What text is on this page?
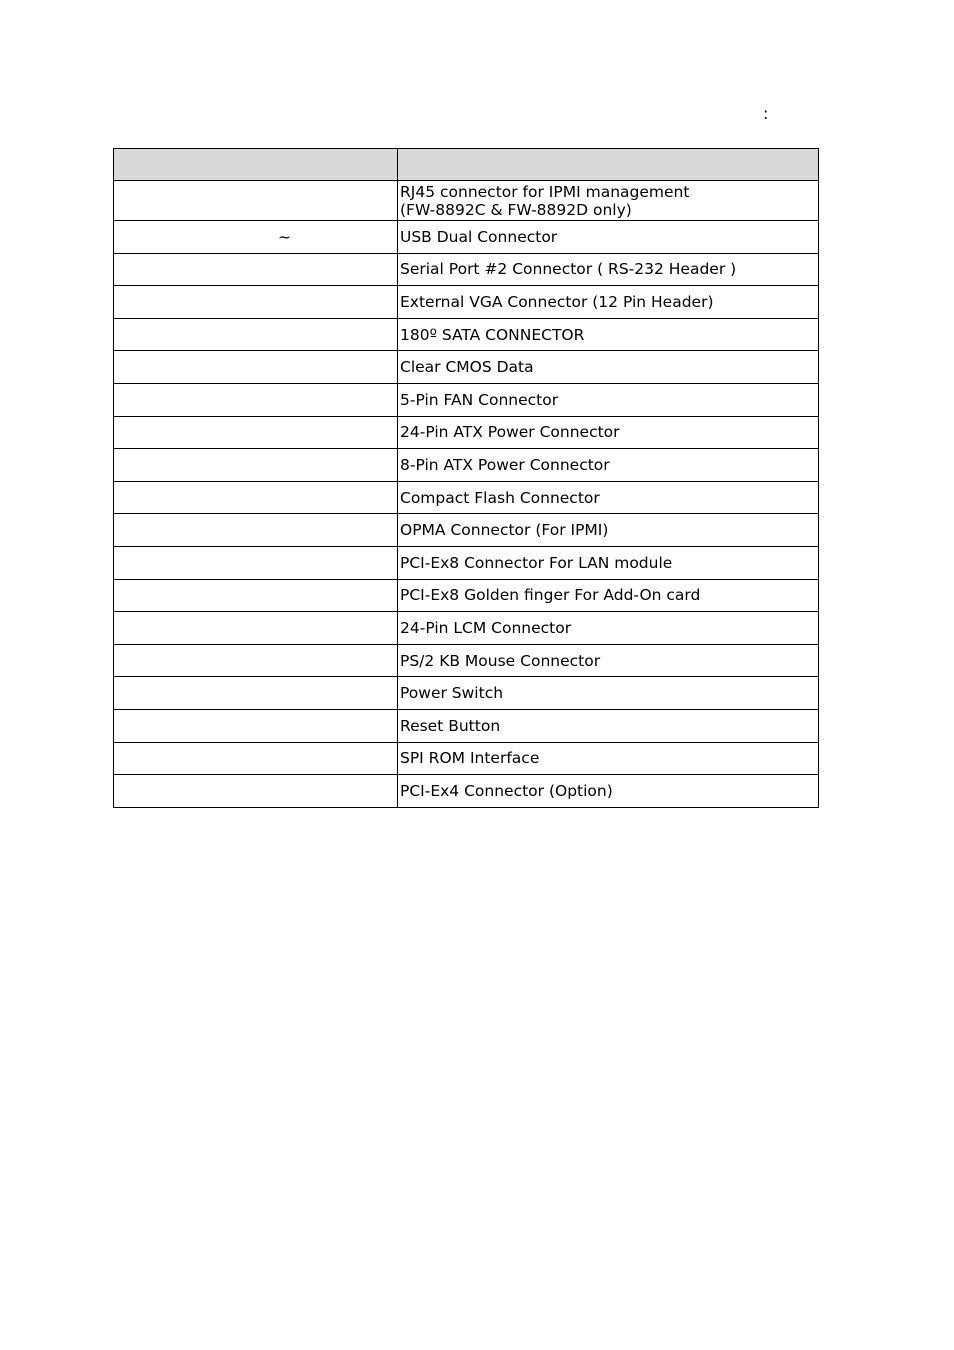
:

	RJ45 connector for IPMI management
(FW-8892C & FW-8892D only)

~	USB Dual Connector

	Serial Port #2 Connector ( RS-232 Header )

	External VGA Connector (12 Pin Header)

	180º SATA CONNECTOR

	Clear CMOS Data

	5-Pin FAN Connector

	24-Pin ATX Power Connector

	8-Pin ATX Power Connector

	Compact Flash Connector

	OPMA Connector (For IPMI)

	PCI-Ex8 Connector For LAN module

	PCI-Ex8 Golden finger For Add-On card

	24-Pin LCM Connector

	PS/2 KB Mouse Connector

	Power Switch

	Reset Button

	SPI ROM Interface

	PCI-Ex4 Connector (Option)
